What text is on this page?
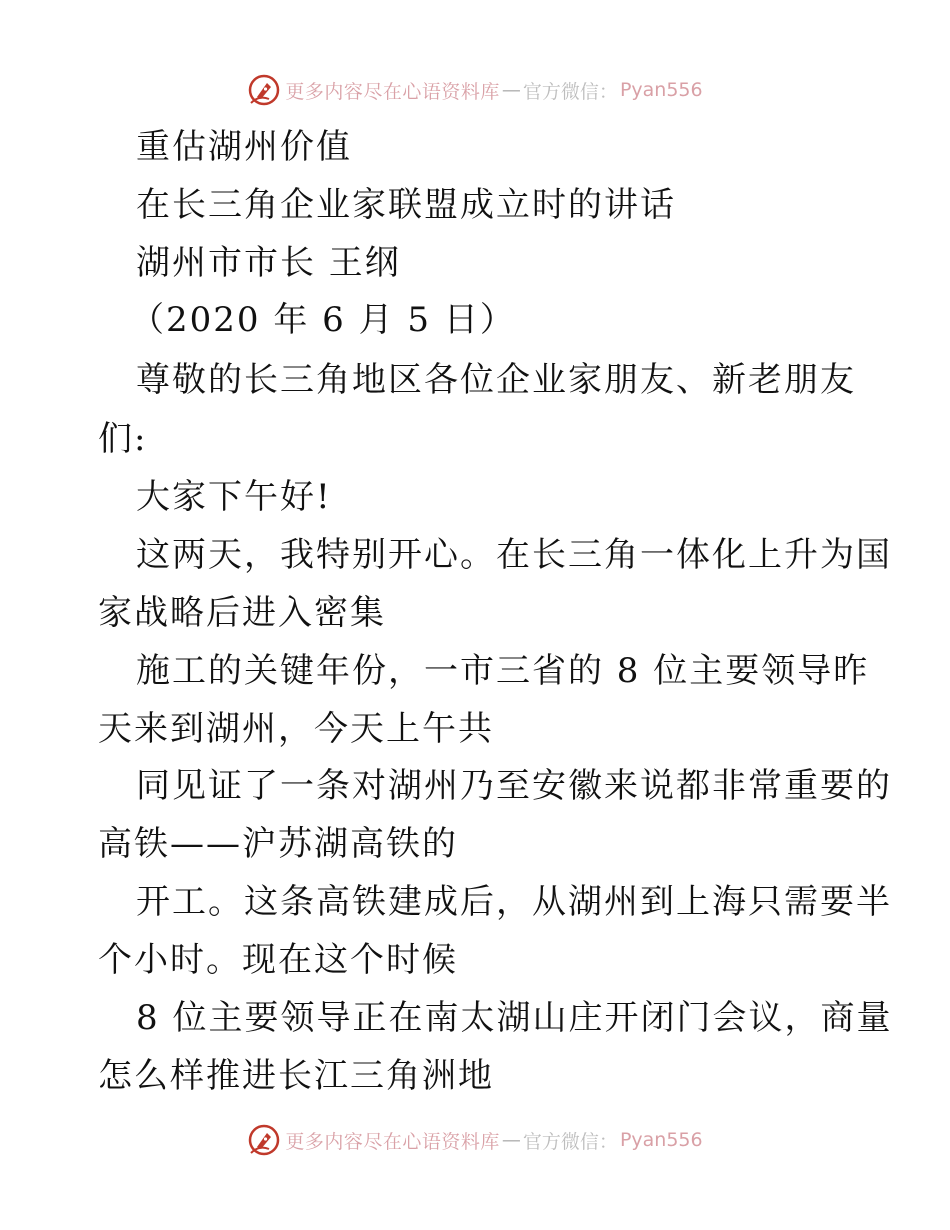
更多内容尽在心语资料库 — 官方微信： Pyan556
重估湖州价值
在长三角企业家联盟成立时的讲话
湖州市市长 王纲
（2020 年 6 月 5 日）
尊敬的长三角地区各位企业家朋友、新老朋友
们:
大家下午好!
这两天，我特别开心。在长三角一体化上升为国
家战略后进入密集
施工的关键年份，一市三省的 8 位主要领导昨
天来到湖州，今天上午共
同见证了一条对湖州乃至安徽来说都非常重要的
高铁——沪苏湖高铁的
开工。这条高铁建成后，从湖州到上海只需要半
个小时。现在这个时候
8 位主要领导正在南太湖山庄开闭门会议，商量
怎么样推进长江三角洲地
更多内容尽在心语资料库 — 官方微信： Pyan556
